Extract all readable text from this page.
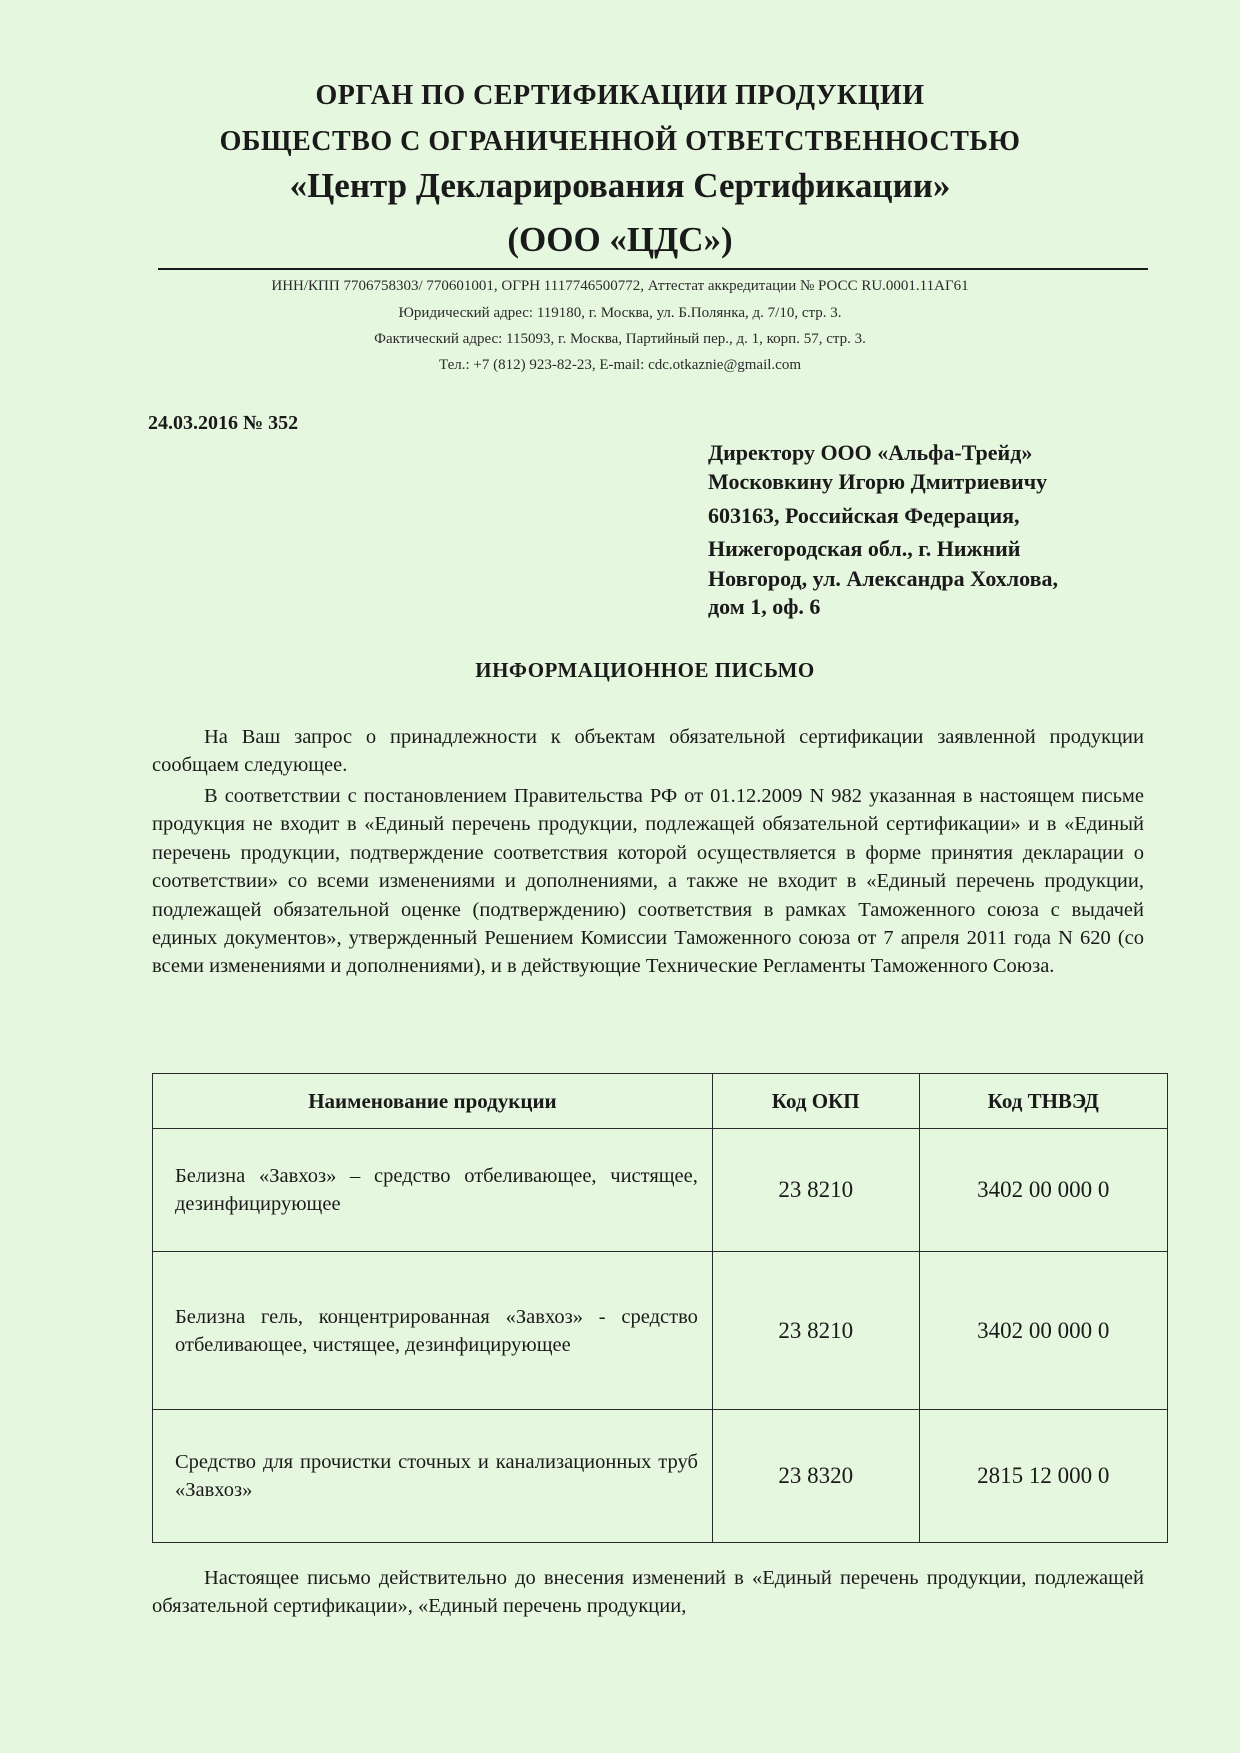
ОРГАН ПО СЕРТИФИКАЦИИ ПРОДУКЦИИ
ОБЩЕСТВО С ОГРАНИЧЕННОЙ ОТВЕТСТВЕННОСТЬЮ
«Центр Декларирования Сертификации»
(ООО «ЦДС»)
ИНН/КПП 7706758303/ 770601001, ОГРН 1117746500772, Аттестат аккредитации № РОСС RU.0001.11АГ61
Юридический адрес: 119180, г. Москва, ул. Б.Полянка, д. 7/10, стр. 3.
Фактический адрес: 115093, г. Москва, Партийный пер., д. 1, корп. 57, стр. 3.
Тел.: +7 (812) 923-82-23, E-mail: cdc.otkaznie@gmail.com
24.03.2016 № 352
Директору ООО «Альфа-Трейд»
Московкину Игорю Дмитриевичу
603163, Российская Федерация,
Нижегородская обл., г. Нижний
Новгород, ул. Александра Хохлова,
дом 1, оф. 6
ИНФОРМАЦИОННОЕ ПИСЬМО

На Ваш запрос о принадлежности к объектам обязательной сертификации заявленной продукции сообщаем следующее.

В соответствии с постановлением Правительства РФ от 01.12.2009 N 982 указанная в настоящем письме продукция не входит в «Единый перечень продукции, подлежащей обязательной сертификации» и в «Единый перечень продукции, подтверждение соответствия которой осуществляется в форме принятия декларации о соответствии» со всеми изменениями и дополнениями, а также не входит в «Единый перечень продукции, подлежащей обязательной оценке (подтверждению) соответствия в рамках Таможенного союза с выдачей единых документов», утвержденный Решением Комиссии Таможенного союза от 7 апреля 2011 года N 620 (со всеми изменениями и дополнениями), и в действующие Технические Регламенты Таможенного Союза.

Наименование продукции	Код ОКП	Код ТНВЭД
Белизна «Завхоз» – средство отбеливающее, чистящее, дезинфицирующее	23 8210	3402 00 000 0
Белизна гель, концентрированная «Завхоз» - средство отбеливающее, чистящее, дезинфицирующее	23 8210	3402 00 000 0
Средство для прочистки сточных и канализационных труб «Завхоз»	23 8320	2815 12 000 0

Настоящее письмо действительно до внесения изменений в «Единый перечень продукции, подлежащей обязательной сертификации», «Единый перечень продукции,
